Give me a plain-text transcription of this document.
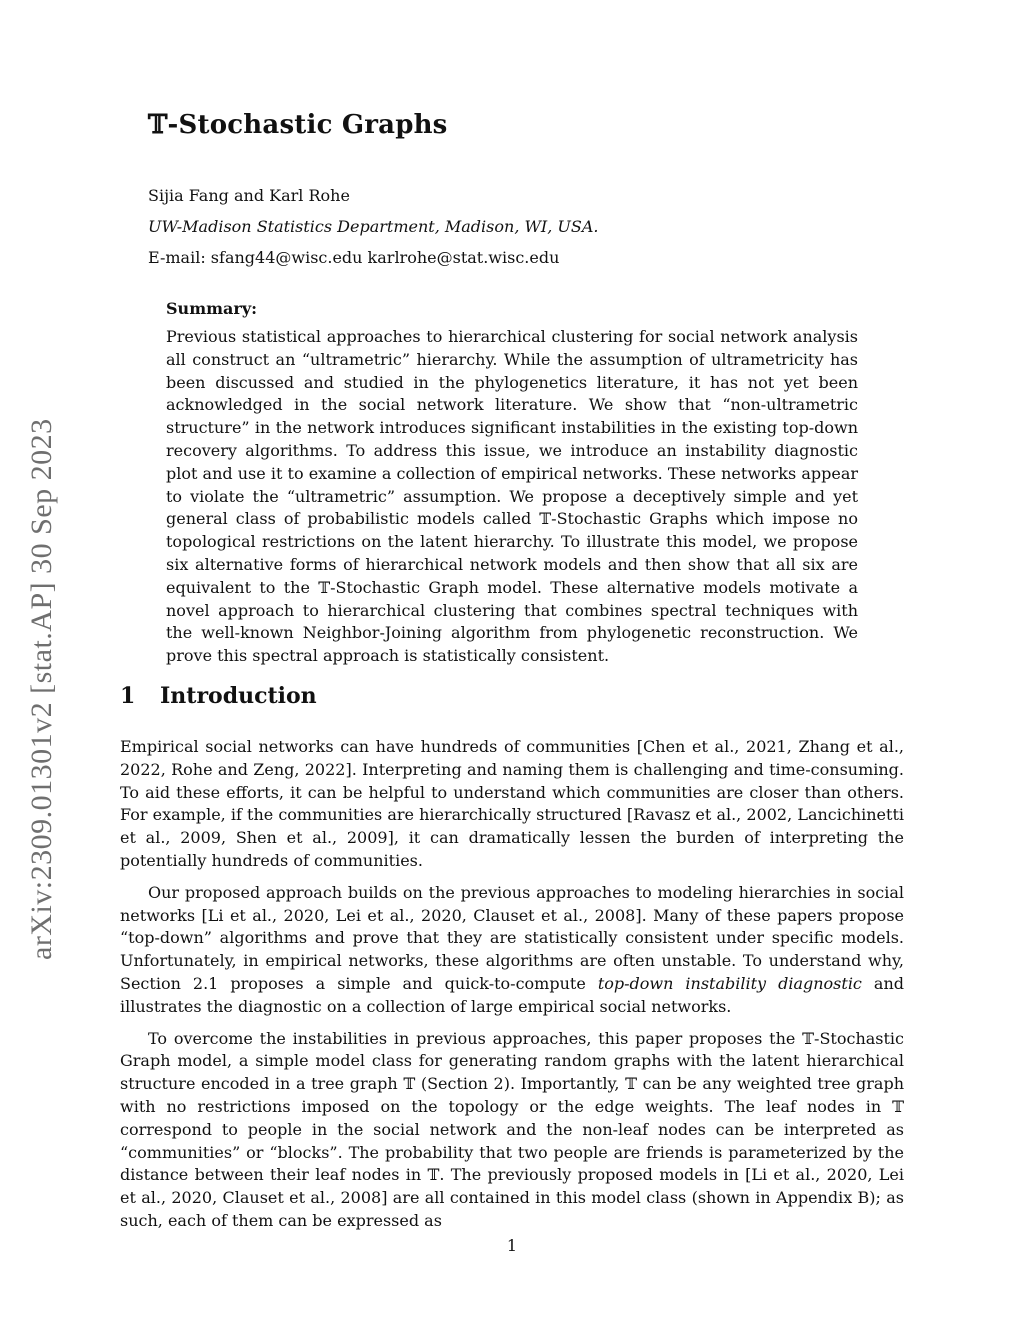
arXiv:2309.01301v2 [stat.AP] 30 Sep 2023
𝕋-Stochastic Graphs
Sijia Fang and Karl Rohe
UW-Madison Statistics Department, Madison, WI, USA.
E-mail: sfang44@wisc.edu karlrohe@stat.wisc.edu
Summary:
Previous statistical approaches to hierarchical clustering for social network analysis all construct an “ultrametric” hierarchy. While the assumption of ultrametricity has been discussed and studied in the phylogenetics literature, it has not yet been acknowledged in the social network literature. We show that “non-ultrametric structure” in the network introduces significant instabilities in the existing top-down recovery algorithms. To address this issue, we introduce an instability diagnostic plot and use it to examine a collection of empirical networks. These networks appear to violate the “ultrametric” assumption. We propose a deceptively simple and yet general class of probabilistic models called 𝕋-Stochastic Graphs which impose no topological restrictions on the latent hierarchy. To illustrate this model, we propose six alternative forms of hierarchical network models and then show that all six are equivalent to the 𝕋-Stochastic Graph model. These alternative models motivate a novel approach to hierarchical clustering that combines spectral techniques with the well-known Neighbor-Joining algorithm from phylogenetic reconstruction. We prove this spectral approach is statistically consistent.
1 Introduction

Empirical social networks can have hundreds of communities [Chen et al., 2021, Zhang et al., 2022, Rohe and Zeng, 2022]. Interpreting and naming them is challenging and time-consuming. To aid these efforts, it can be helpful to understand which communities are closer than others. For example, if the communities are hierarchically structured [Ravasz et al., 2002, Lancichinetti et al., 2009, Shen et al., 2009], it can dramatically lessen the burden of interpreting the potentially hundreds of communities.

Our proposed approach builds on the previous approaches to modeling hierarchies in social networks [Li et al., 2020, Lei et al., 2020, Clauset et al., 2008]. Many of these papers propose “top-down” algorithms and prove that they are statistically consistent under specific models. Unfortunately, in empirical networks, these algorithms are often unstable. To understand why, Section 2.1 proposes a simple and quick-to-compute top-down instability diagnostic and illustrates the diagnostic on a collection of large empirical social networks.

To overcome the instabilities in previous approaches, this paper proposes the 𝕋-Stochastic Graph model, a simple model class for generating random graphs with the latent hierarchical structure encoded in a tree graph 𝕋 (Section 2). Importantly, 𝕋 can be any weighted tree graph with no restrictions imposed on the topology or the edge weights. The leaf nodes in 𝕋 correspond to people in the social network and the non-leaf nodes can be interpreted as “communities” or “blocks”. The probability that two people are friends is parameterized by the distance between their leaf nodes in 𝕋. The previously proposed models in [Li et al., 2020, Lei et al., 2020, Clauset et al., 2008] are all contained in this model class (shown in Appendix B); as such, each of them can be expressed as

1
